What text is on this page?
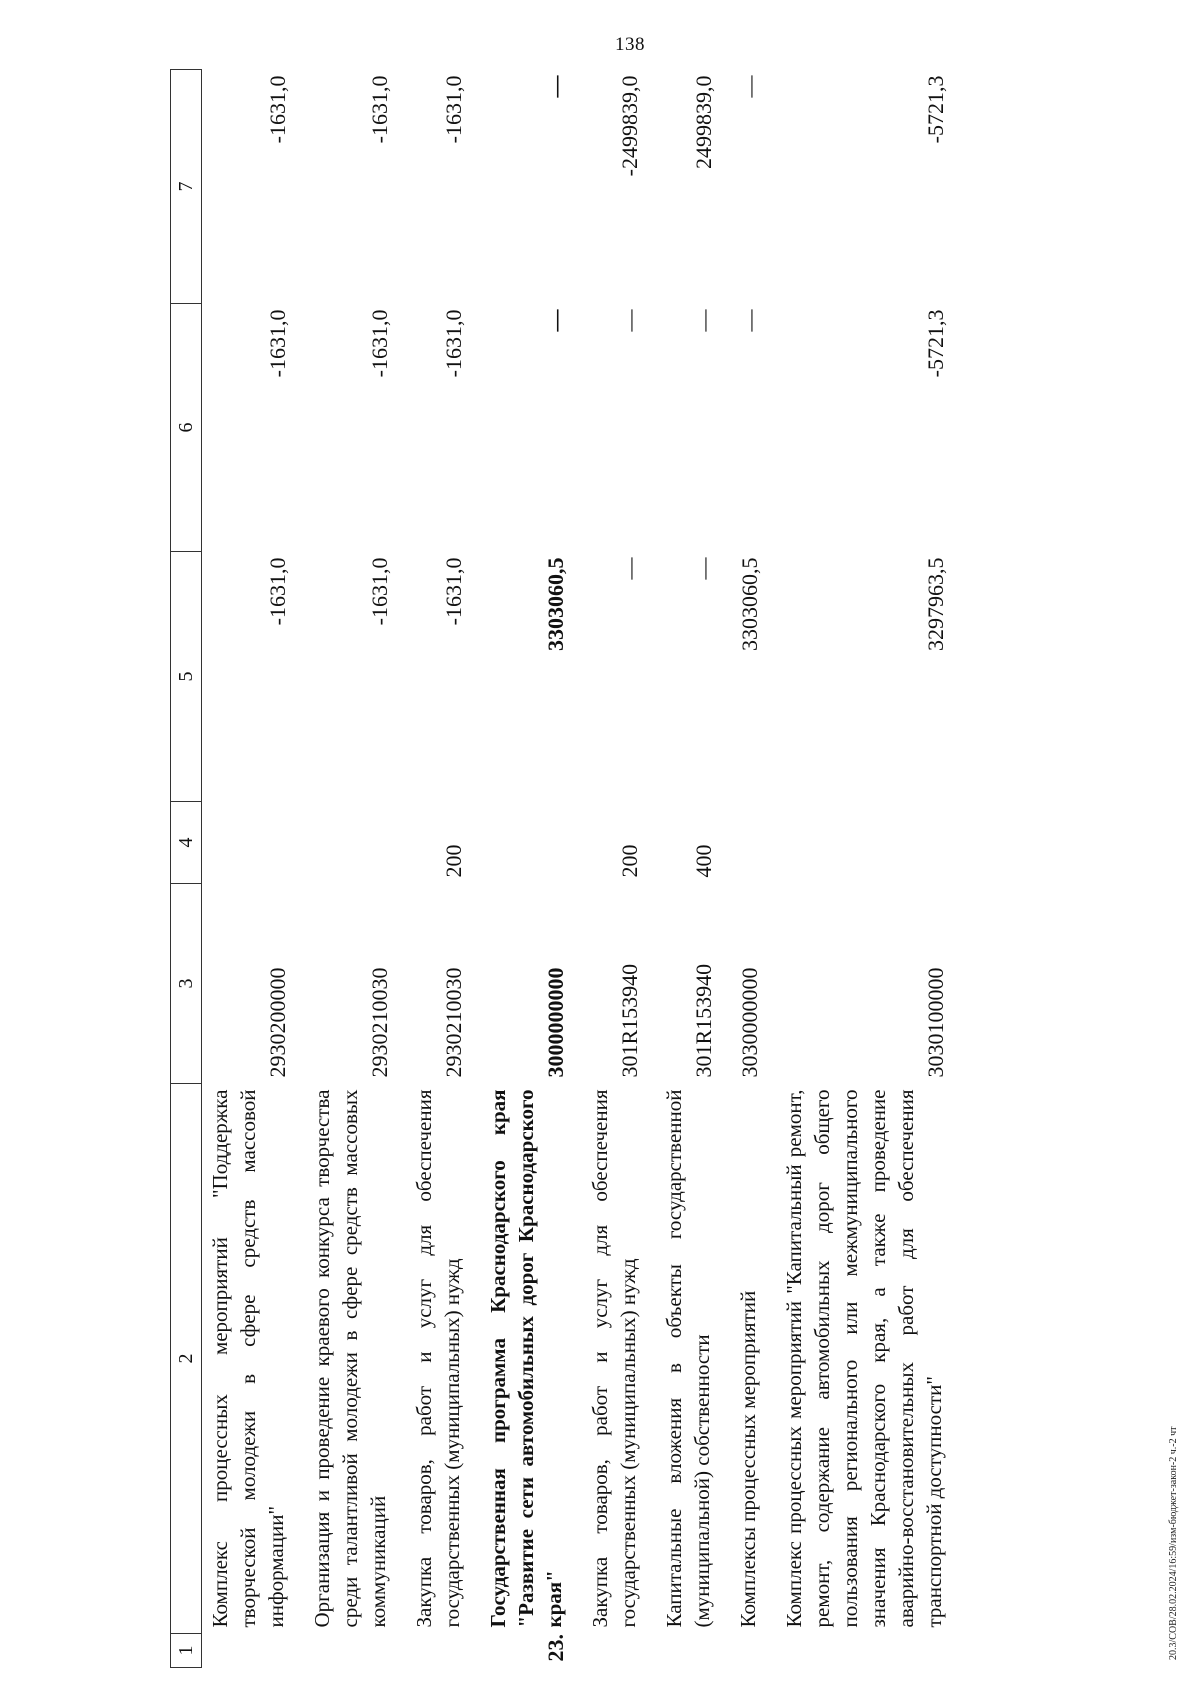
138
1	2	3	4	5	6	7
	Комплекс процессных мероприятий "Поддержка творческой молодежи в сфере средств массовой информации"	2930200000		-1631,0	-1631,0	-1631,0
	Организация и проведение краевого конкурса творчества среди талантливой молодежи в сфере средств массовых коммуникаций	2930210030		-1631,0	-1631,0	-1631,0
	Закупка товаров, работ и услуг для обеспечения государственных (муниципальных) нужд	2930210030	200	-1631,0	-1631,0	-1631,0
23.	Государственная программа Краснодарского края "Развитие сети автомобильных дорог Краснодарского края"	3000000000		3303060,5	—	—
	Закупка товаров, работ и услуг для обеспечения государственных (муниципальных) нужд	301R153940	200	—	—	-2499839,0
	Капитальные вложения в объекты государственной (муниципальной) собственности	301R153940	400	—	—	2499839,0
	Комплексы процессных мероприятий	3030000000		3303060,5	—	—
	Комплекс процессных мероприятий "Капитальный ремонт, ремонт, содержание автомобильных дорог общего пользования регионального или межмуниципального значения Краснодарского края, а также проведение аварийно-восстановительных работ для обеспечения транспортной доступности"	3030100000		3297963,5	-5721,3	-5721,3
20.3/СОВ/28.02.2024/16:59/изм-бюджет-закон-2 ч.-2 чт
